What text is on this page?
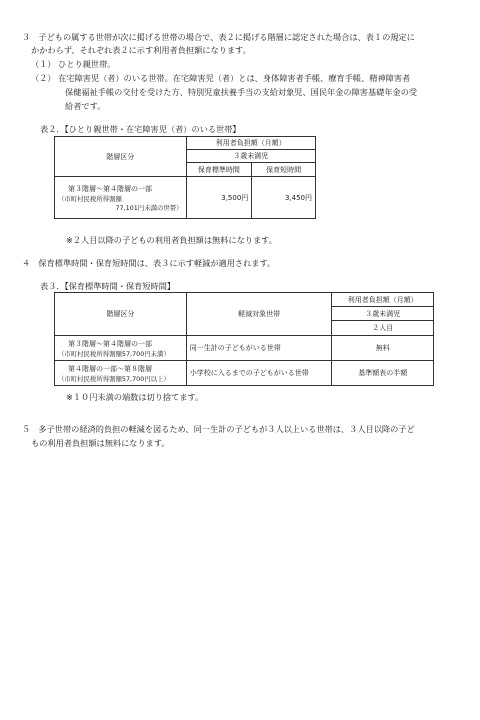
３　子どもの属する世帯が次に掲げる世帯の場合で、表２に掲げる階層に認定された場合は、表１の規定に
かかわらず、それぞれ表２に示す利用者負担額になります。
（１） ひとり親世帯。
（２） 在宅障害児（者）のいる世帯。在宅障害児（者）とは、身体障害者手帳、療育手帳、精神障害者
保健福祉手帳の交付を受けた方、特別児童扶養手当の支給対象児、国民年金の障害基礎年金の受
給者です。
表２．【ひとり親世帯・在宅障害児（者）のいる世帯】
階層区分	利用者負担額（月額）	
	３歳未満児	
	保育標準時間	保育短時間

第３階層～第４階層の一部
（市町村民税所得割額
77,101円未満の世帯）	3,500円	3,450円
※２人目以降の子どもの利用者負担額は無料になります。
４　保育標準時間・保育短時間は、表３に示す軽減が適用されます。
表３．【保育標準時間・保育短時間】
階層区分	軽減対象世帯	利用者負担額（月額）
		３歳未満児
		２人目

第３階層～第４階層の一部
（市町村民税所得割額57,700円未満）	同一生計の子どもがいる世帯	無料

第４階層の一部～第８階層
（市町村民税所得割額57,700円以上）	小学校に入るまでの子どもがいる世帯	基準額表の半額
※１０円未満の端数は切り捨てます。
５　多子世帯の経済的負担の軽減を図るため、同一生計の子どもが３人以上いる世帯は、３人目以降の子ど
もの利用者負担額は無料になります。
